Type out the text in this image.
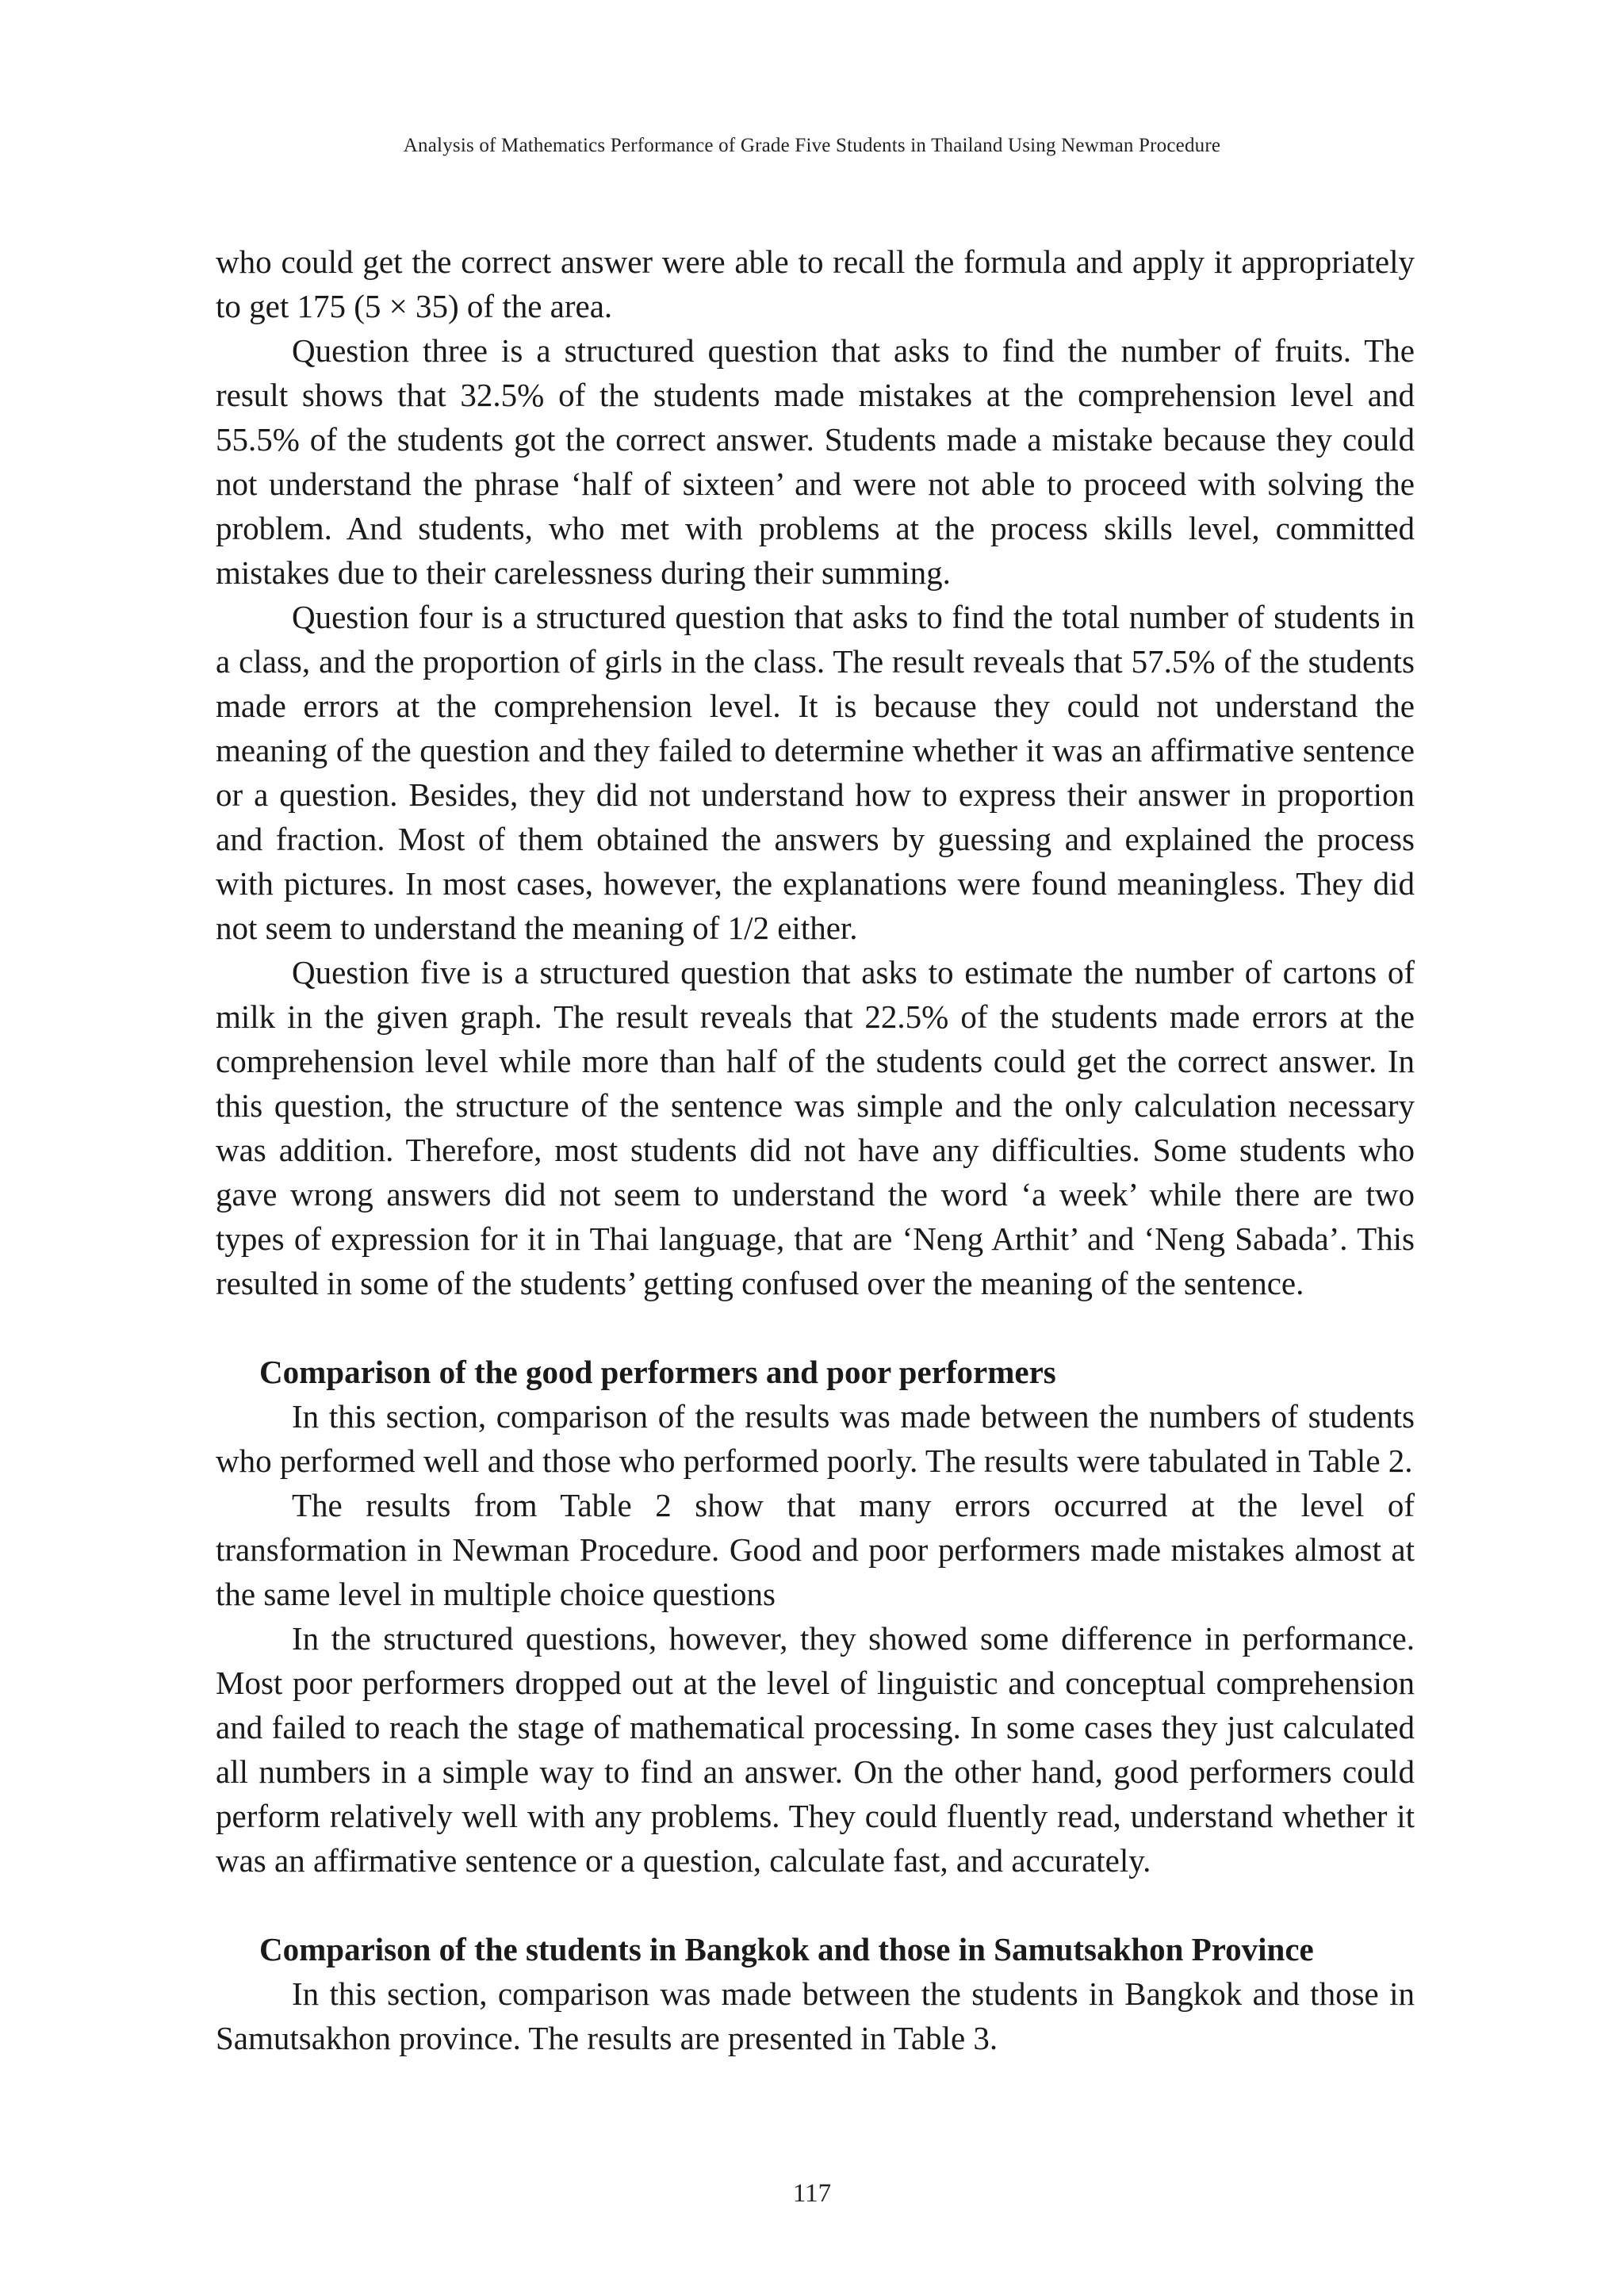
Analysis of Mathematics Performance of Grade Five Students in Thailand Using Newman Procedure

who could get the correct answer were able to recall the formula and apply it appropriately to get 175 (5 × 35) of the area.

Question three is a structured question that asks to find the number of fruits. The result shows that 32.5% of the students made mistakes at the comprehension level and 55.5% of the students got the correct answer. Students made a mistake because they could not understand the phrase ‘half of sixteen’ and were not able to proceed with solving the problem. And students, who met with problems at the process skills level, committed mistakes due to their carelessness during their summing.

Question four is a structured question that asks to find the total number of students in a class, and the proportion of girls in the class. The result reveals that 57.5% of the students made errors at the comprehension level. It is because they could not understand the meaning of the question and they failed to determine whether it was an affirmative sentence or a question. Besides, they did not understand how to express their answer in proportion and fraction. Most of them obtained the answers by guessing and explained the process with pictures. In most cases, however, the explanations were found meaningless. They did not seem to understand the meaning of 1/2 either.

Question five is a structured question that asks to estimate the number of cartons of milk in the given graph. The result reveals that 22.5% of the students made errors at the comprehension level while more than half of the students could get the correct answer. In this question, the structure of the sentence was simple and the only calculation necessary was addition. Therefore, most students did not have any difficulties. Some students who gave wrong answers did not seem to understand the word ‘a week’ while there are two types of expression for it in Thai language, that are ‘Neng Arthit’ and ‘Neng Sabada’. This resulted in some of the students’ getting confused over the meaning of the sentence.

Comparison of the good performers and poor performers

In this section, comparison of the results was made between the numbers of students who performed well and those who performed poorly. The results were tabulated in Table 2.

The results from Table 2 show that many errors occurred at the level of transformation in Newman Procedure. Good and poor performers made mistakes almost at the same level in multiple choice questions

In the structured questions, however, they showed some difference in performance. Most poor performers dropped out at the level of linguistic and conceptual comprehension and failed to reach the stage of mathematical processing. In some cases they just calculated all numbers in a simple way to find an answer. On the other hand, good performers could perform relatively well with any problems. They could fluently read, understand whether it was an affirmative sentence or a question, calculate fast, and accurately.

Comparison of the students in Bangkok and those in Samutsakhon Province

In this section, comparison was made between the students in Bangkok and those in Samutsakhon province. The results are presented in Table 3.

117
